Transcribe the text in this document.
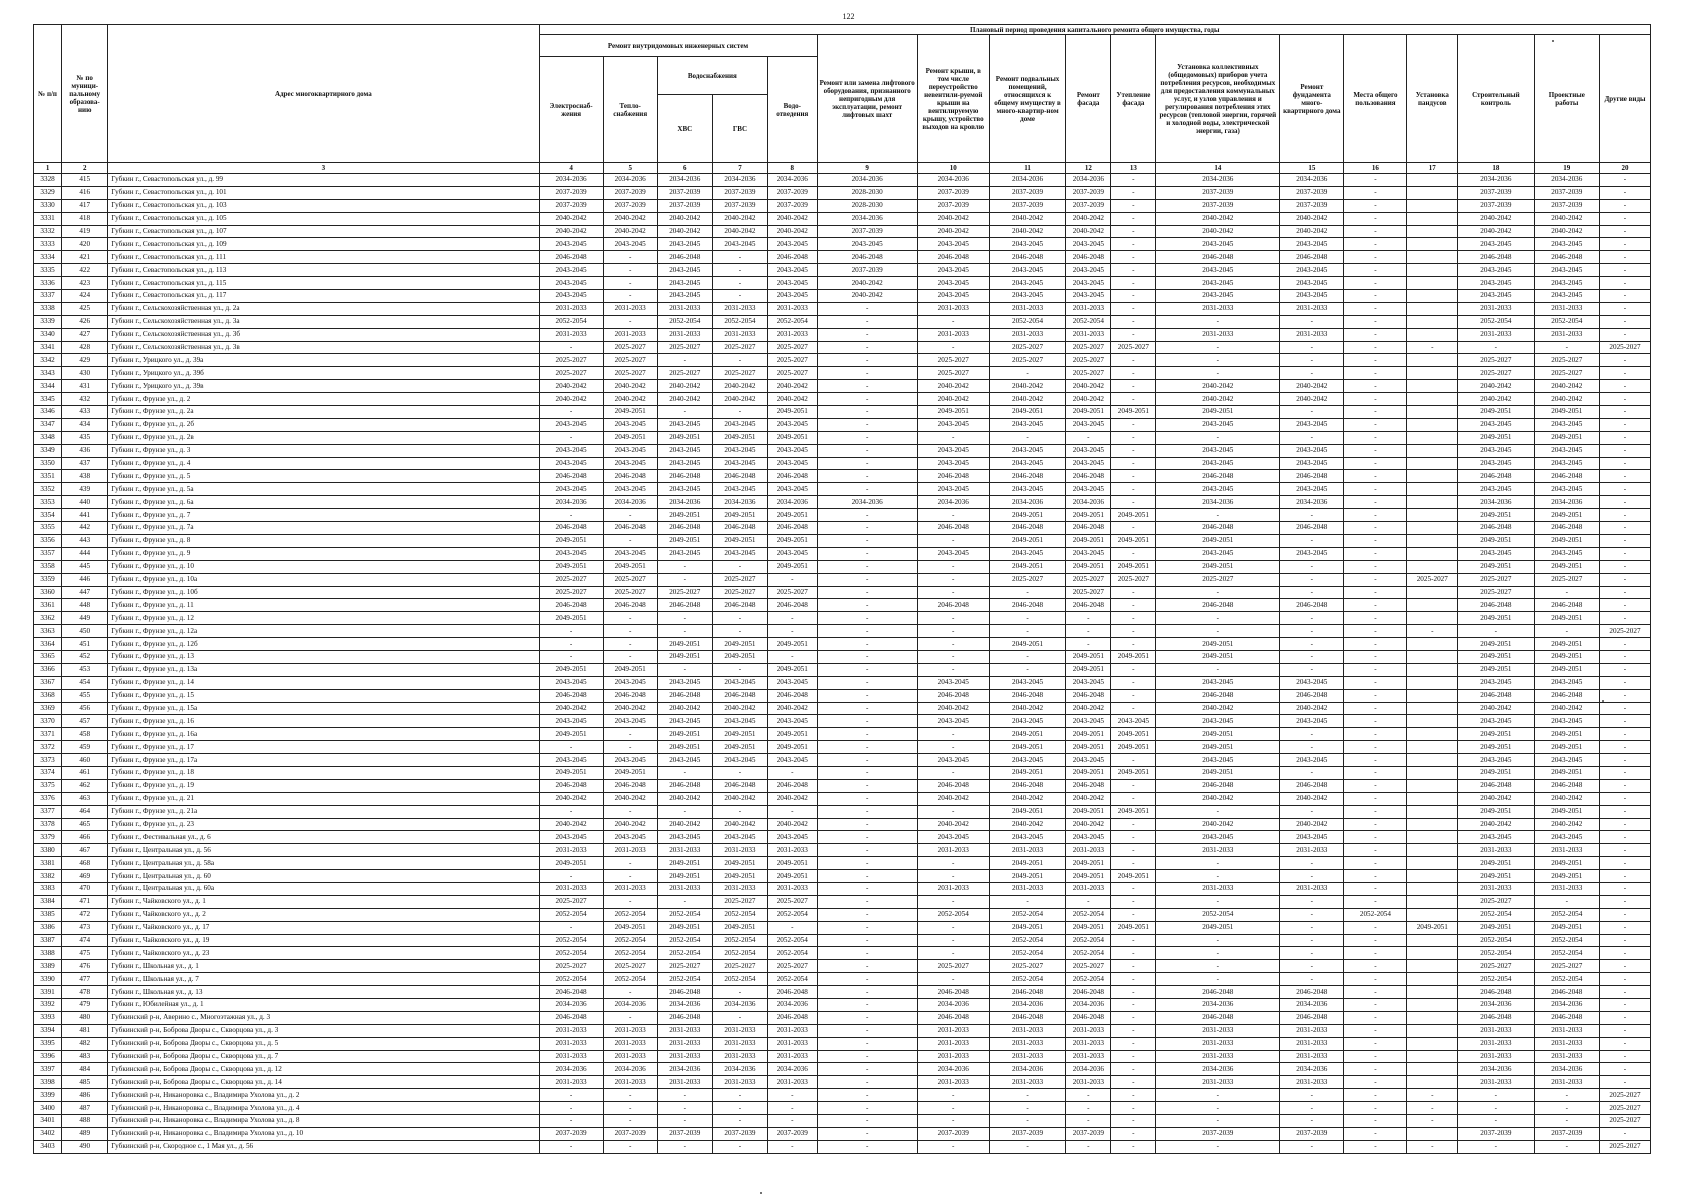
122
№ п/п	№ по муници-пальному образова-нию	Адрес многоквартирного дома	Плановый период проведения капитального ремонта общего имущества, годы																
			Ремонт внутридомовых инженерных систем					Ремонт или замена лифтового оборудования, признанного непригодным для эксплуатации, ремонт лифтовых шахт	Ремонт крыши, в том числе переустройство невентили-руемой крыши на вентилируемую крышу, устройство выходов на кровлю	Ремонт подвальных помещений, относящихся к общему имуществу в много-квартир-ном доме	Ремонт фасада	Утепление фасада	Установка коллективных (общедомовых) приборов учета потребления ресурсов, необходимых для предоставления коммунальных услуг, и узлов управления и регулирования потребления этих ресурсов (тепловой энергии, горячей и холодной воды, электрической энергии, газа)	Ремонт фундамента много-квартирного дома	Места общего пользования	Установка пандусов	Строительный контроль	Проектные работы	Другие виды
			Электроснаб-жения	Тепло-снабжения	Водоснабжения		Водо-отведения												
					ХВС	ГВС													
1	2	3	4	5	6	7	8	9	10	11	12	13	14	15	16	17	18	19	20
3328	415	Губкин г., Севастопольская ул., д. 99	2034-2036	2034-2036	2034-2036	2034-2036	2034-2036	2034-2036	2034-2036	2034-2036	2034-2036	-	2034-2036	2034-2036	-		2034-2036	2034-2036	-
3329	416	Губкин г., Севастопольская ул., д. 101	2037-2039	2037-2039	2037-2039	2037-2039	2037-2039	2028-2030	2037-2039	2037-2039	2037-2039	-	2037-2039	2037-2039	-		2037-2039	2037-2039	-
3330	417	Губкин г., Севастопольская ул., д. 103	2037-2039	2037-2039	2037-2039	2037-2039	2037-2039	2028-2030	2037-2039	2037-2039	2037-2039	-	2037-2039	2037-2039	-		2037-2039	2037-2039	-
3331	418	Губкин г., Севастопольская ул., д. 105	2040-2042	2040-2042	2040-2042	2040-2042	2040-2042	2034-2036	2040-2042	2040-2042	2040-2042	-	2040-2042	2040-2042	-		2040-2042	2040-2042	-
3332	419	Губкин г., Севастопольская ул., д. 107	2040-2042	2040-2042	2040-2042	2040-2042	2040-2042	2037-2039	2040-2042	2040-2042	2040-2042	-	2040-2042	2040-2042	-		2040-2042	2040-2042	-
3333	420	Губкин г., Севастопольская ул., д. 109	2043-2045	2043-2045	2043-2045	2043-2045	2043-2045	2043-2045	2043-2045	2043-2045	2043-2045	-	2043-2045	2043-2045	-		2043-2045	2043-2045	-
3334	421	Губкин г., Севастопольская ул., д. 111	2046-2048	-	2046-2048	-	2046-2048	2046-2048	2046-2048	2046-2048	2046-2048	-	2046-2048	2046-2048	-		2046-2048	2046-2048	-
3335	422	Губкин г., Севастопольская ул., д. 113	2043-2045	-	2043-2045	-	2043-2045	2037-2039	2043-2045	2043-2045	2043-2045	-	2043-2045	2043-2045	-		2043-2045	2043-2045	-
3336	423	Губкин г., Севастопольская ул., д. 115	2043-2045	-	2043-2045	-	2043-2045	2040-2042	2043-2045	2043-2045	2043-2045	-	2043-2045	2043-2045	-		2043-2045	2043-2045	-
3337	424	Губкин г., Севастопольская ул., д. 117	2043-2045	-	2043-2045	-	2043-2045	2040-2042	2043-2045	2043-2045	2043-2045	-	2043-2045	2043-2045	-		2043-2045	2043-2045	-
3338	425	Губкин г., Сельскохозяйственная ул., д. 2а	2031-2033	2031-2033	2031-2033	2031-2033	2031-2033	-	2031-2033	2031-2033	2031-2033	-	2031-2033	2031-2033	-		2031-2033	2031-2033	-
3339	426	Губкин г., Сельскохозяйственная ул., д. 3а	2052-2054	-	2052-2054	2052-2054	2052-2054	-	-	2052-2054	2052-2054	-	-	-	-		2052-2054	2052-2054	-
3340	427	Губкин г., Сельскохозяйственная ул., д. 3б	2031-2033	2031-2033	2031-2033	2031-2033	2031-2033	-	2031-2033	2031-2033	2031-2033	-	2031-2033	2031-2033	-		2031-2033	2031-2033	-
3341	428	Губкин г., Сельскохозяйственная ул., д. 3в	-	2025-2027	2025-2027	2025-2027	2025-2027	-	-	2025-2027	2025-2027	2025-2027	-	-	-	-	-	-	2025-2027
3342	429	Губкин г., Урицкого ул., д. 39а	2025-2027	2025-2027	-	-	2025-2027	-	2025-2027	2025-2027	2025-2027	-	-	-	-		2025-2027	2025-2027	-
3343	430	Губкин г., Урицкого ул., д. 39б	2025-2027	2025-2027	2025-2027	2025-2027	2025-2027	-	2025-2027	-	2025-2027	-	-	-	-		2025-2027	2025-2027	-
3344	431	Губкин г., Урицкого ул., д. 39в	2040-2042	2040-2042	2040-2042	2040-2042	2040-2042	-	2040-2042	2040-2042	2040-2042	-	2040-2042	2040-2042	-		2040-2042	2040-2042	-
3345	432	Губкин г., Фрунзе ул., д. 2	2040-2042	2040-2042	2040-2042	2040-2042	2040-2042	-	2040-2042	2040-2042	2040-2042	-	2040-2042	2040-2042	-		2040-2042	2040-2042	-
3346	433	Губкин г., Фрунзе ул., д. 2а	-	2049-2051	-	-	2049-2051	-	2049-2051	2049-2051	2049-2051	2049-2051	2049-2051	-	-		2049-2051	2049-2051	-
3347	434	Губкин г., Фрунзе ул., д. 2б	2043-2045	2043-2045	2043-2045	2043-2045	2043-2045	-	2043-2045	2043-2045	2043-2045	-	2043-2045	2043-2045	-		2043-2045	2043-2045	-
3348	435	Губкин г., Фрунзе ул., д. 2в	-	2049-2051	2049-2051	2049-2051	2049-2051	-	-	-	-	-	-	-	-		2049-2051	2049-2051	-
3349	436	Губкин г., Фрунзе ул., д. 3	2043-2045	2043-2045	2043-2045	2043-2045	2043-2045	-	2043-2045	2043-2045	2043-2045	-	2043-2045	2043-2045	-		2043-2045	2043-2045	-
3350	437	Губкин г., Фрунзе ул., д. 4	2043-2045	2043-2045	2043-2045	2043-2045	2043-2045	-	2043-2045	2043-2045	2043-2045	-	2043-2045	2043-2045	-		2043-2045	2043-2045	-
3351	438	Губкин г., Фрунзе ул., д. 5	2046-2048	2046-2048	2046-2048	2046-2048	2046-2048	-	2046-2048	2046-2048	2046-2048	-	2046-2048	2046-2048	-		2046-2048	2046-2048	-
3352	439	Губкин г., Фрунзе ул., д. 5а	2043-2045	2043-2045	2043-2045	2043-2045	2043-2045	-	2043-2045	2043-2045	2043-2045	-	2043-2045	2043-2045	-		2043-2045	2043-2045	-
3353	440	Губкин г., Фрунзе ул., д. 6а	2034-2036	2034-2036	2034-2036	2034-2036	2034-2036	2034-2036	2034-2036	2034-2036	2034-2036	-	2034-2036	2034-2036	-		2034-2036	2034-2036	-
3354	441	Губкин г., Фрунзе ул., д. 7	-	-	2049-2051	2049-2051	2049-2051	-	-	2049-2051	2049-2051	2049-2051	-	-	-		2049-2051	2049-2051	-
3355	442	Губкин г., Фрунзе ул., д. 7а	2046-2048	2046-2048	2046-2048	2046-2048	2046-2048	-	2046-2048	2046-2048	2046-2048	-	2046-2048	2046-2048	-		2046-2048	2046-2048	-
3356	443	Губкин г., Фрунзе ул., д. 8	2049-2051	-	2049-2051	2049-2051	2049-2051	-	-	2049-2051	2049-2051	2049-2051	2049-2051	-	-		2049-2051	2049-2051	-
3357	444	Губкин г., Фрунзе ул., д. 9	2043-2045	2043-2045	2043-2045	2043-2045	2043-2045	-	2043-2045	2043-2045	2043-2045	-	2043-2045	2043-2045	-		2043-2045	2043-2045	-
3358	445	Губкин г., Фрунзе ул., д. 10	2049-2051	2049-2051	-	-	2049-2051	-	-	2049-2051	2049-2051	2049-2051	2049-2051	-	-		2049-2051	2049-2051	-
3359	446	Губкин г., Фрунзе ул., д. 10а	2025-2027	2025-2027	-	2025-2027	-	-	-	2025-2027	2025-2027	2025-2027	2025-2027	-	-	2025-2027	2025-2027	2025-2027	-
3360	447	Губкин г., Фрунзе ул., д. 10б	2025-2027	2025-2027	2025-2027	2025-2027	2025-2027	-	-	-	2025-2027	-	-	-	-		2025-2027	-	-
3361	448	Губкин г., Фрунзе ул., д. 11	2046-2048	2046-2048	2046-2048	2046-2048	2046-2048	-	2046-2048	2046-2048	2046-2048	-	2046-2048	2046-2048	-		2046-2048	2046-2048	-
3362	449	Губкин г., Фрунзе ул., д. 12	2049-2051	-	-	-	-	-	-	-	-	-	-	-	-		2049-2051	2049-2051	-
3363	450	Губкин г., Фрунзе ул., д. 12а	-	-	-	-	-	-	-	-	-	-	-	-	-	-	-	-	2025-2027
3364	451	Губкин г., Фрунзе ул., д. 12б	-	-	2049-2051	2049-2051	2049-2051	-	-	2049-2051	-	-	2049-2051	-	-		2049-2051	2049-2051	-
3365	452	Губкин г., Фрунзе ул., д. 13	-	-	2049-2051	2049-2051	-	-	-	-	2049-2051	2049-2051	2049-2051	-	-		2049-2051	2049-2051	-
3366	453	Губкин г., Фрунзе ул., д. 13а	2049-2051	2049-2051	-	-	2049-2051	-	-	-	2049-2051	-	-	-	-		2049-2051	2049-2051	-
3367	454	Губкин г., Фрунзе ул., д. 14	2043-2045	2043-2045	2043-2045	2043-2045	2043-2045	-	2043-2045	2043-2045	2043-2045	-	2043-2045	2043-2045	-		2043-2045	2043-2045	-
3368	455	Губкин г., Фрунзе ул., д. 15	2046-2048	2046-2048	2046-2048	2046-2048	2046-2048	-	2046-2048	2046-2048	2046-2048	-	2046-2048	2046-2048	-		2046-2048	2046-2048	-
3369	456	Губкин г., Фрунзе ул., д. 15а	2040-2042	2040-2042	2040-2042	2040-2042	2040-2042	-	2040-2042	2040-2042	2040-2042	-	2040-2042	2040-2042	-		2040-2042	2040-2042	-
3370	457	Губкин г., Фрунзе ул., д. 16	2043-2045	2043-2045	2043-2045	2043-2045	2043-2045	-	2043-2045	2043-2045	2043-2045	2043-2045	2043-2045	2043-2045	-		2043-2045	2043-2045	-
3371	458	Губкин г., Фрунзе ул., д. 16а	2049-2051	-	2049-2051	2049-2051	2049-2051	-	-	2049-2051	2049-2051	2049-2051	2049-2051	-	-		2049-2051	2049-2051	-
3372	459	Губкин г., Фрунзе ул., д. 17	-	-	2049-2051	2049-2051	2049-2051	-	-	2049-2051	2049-2051	2049-2051	2049-2051	-	-		2049-2051	2049-2051	-
3373	460	Губкин г., Фрунзе ул., д. 17а	2043-2045	2043-2045	2043-2045	2043-2045	2043-2045	-	2043-2045	2043-2045	2043-2045	-	2043-2045	2043-2045	-		2043-2045	2043-2045	-
3374	461	Губкин г., Фрунзе ул., д. 18	2049-2051	2049-2051	-	-	-	-	-	2049-2051	2049-2051	2049-2051	2049-2051	-	-		2049-2051	2049-2051	-
3375	462	Губкин г., Фрунзе ул., д. 19	2046-2048	2046-2048	2046-2048	2046-2048	2046-2048	-	2046-2048	2046-2048	2046-2048	-	2046-2048	2046-2048	-		2046-2048	2046-2048	-
3376	463	Губкин г., Фрунзе ул., д. 21	2040-2042	2040-2042	2040-2042	2040-2042	2040-2042	-	2040-2042	2040-2042	2040-2042	-	2040-2042	2040-2042	-		2040-2042	2040-2042	-
3377	464	Губкин г., Фрунзе ул., д. 21а	-	-	-	-	-	-	-	2049-2051	2049-2051	2049-2051	-	-	-		2049-2051	2049-2051	-
3378	465	Губкин г., Фрунзе ул., д. 23	2040-2042	2040-2042	2040-2042	2040-2042	2040-2042	-	2040-2042	2040-2042	2040-2042	-	2040-2042	2040-2042	-		2040-2042	2040-2042	-
3379	466	Губкин г., Фестивальная ул., д. 6	2043-2045	2043-2045	2043-2045	2043-2045	2043-2045	-	2043-2045	2043-2045	2043-2045	-	2043-2045	2043-2045	-		2043-2045	2043-2045	-
3380	467	Губкин г., Центральная ул., д. 56	2031-2033	2031-2033	2031-2033	2031-2033	2031-2033	-	2031-2033	2031-2033	2031-2033	-	2031-2033	2031-2033	-		2031-2033	2031-2033	-
3381	468	Губкин г., Центральная ул., д. 58а	2049-2051	-	2049-2051	2049-2051	2049-2051	-	-	2049-2051	2049-2051	-	-	-	-		2049-2051	2049-2051	-
3382	469	Губкин г., Центральная ул., д. 60	-	-	2049-2051	2049-2051	2049-2051	-	-	2049-2051	2049-2051	2049-2051	-	-	-		2049-2051	2049-2051	-
3383	470	Губкин г., Центральная ул., д. 60а	2031-2033	2031-2033	2031-2033	2031-2033	2031-2033	-	2031-2033	2031-2033	2031-2033	-	2031-2033	2031-2033	-		2031-2033	2031-2033	-
3384	471	Губкин г., Чайковского ул., д. 1	2025-2027	-	-	2025-2027	2025-2027	-	-	-	-	-	-	-	-		2025-2027	-	-
3385	472	Губкин г., Чайковского ул., д. 2	2052-2054	2052-2054	2052-2054	2052-2054	2052-2054	-	2052-2054	2052-2054	2052-2054	-	2052-2054	-	2052-2054		2052-2054	2052-2054	-
3386	473	Губкин г., Чайковского ул., д. 17	-	2049-2051	2049-2051	2049-2051	-	-	-	2049-2051	2049-2051	2049-2051	2049-2051	-	-	2049-2051	2049-2051	2049-2051	-
3387	474	Губкин г., Чайковского ул., д. 19	2052-2054	2052-2054	2052-2054	2052-2054	2052-2054	-	-	2052-2054	2052-2054	-	-	-	-		2052-2054	2052-2054	-
3388	475	Губкин г., Чайковского ул., д. 23	2052-2054	2052-2054	2052-2054	2052-2054	2052-2054	-	-	2052-2054	2052-2054	-	-	-	-		2052-2054	2052-2054	-
3389	476	Губкин г., Школьная ул., д. 1	2025-2027	2025-2027	2025-2027	2025-2027	2025-2027	-	2025-2027	2025-2027	2025-2027	-	-	-	-		2025-2027	2025-2027	-
3390	477	Губкин г., Школьная ул., д. 7	2052-2054	2052-2054	2052-2054	2052-2054	2052-2054	-	-	2052-2054	2052-2054	-	-	-	-		2052-2054	2052-2054	-
3391	478	Губкин г., Школьная ул., д. 13	2046-2048	-	2046-2048	-	2046-2048	-	2046-2048	2046-2048	2046-2048	-	2046-2048	2046-2048	-		2046-2048	2046-2048	-
3392	479	Губкин г., Юбилейная ул., д. 1	2034-2036	2034-2036	2034-2036	2034-2036	2034-2036	-	2034-2036	2034-2036	2034-2036	-	2034-2036	2034-2036	-		2034-2036	2034-2036	-
3393	480	Губкинский р-н, Аверино с., Многоэтажная ул., д. 3	2046-2048	-	2046-2048	-	2046-2048	-	2046-2048	2046-2048	2046-2048	-	2046-2048	2046-2048	-		2046-2048	2046-2048	-
3394	481	Губкинский р-н, Боброва Дворы с., Скворцова ул., д. 3	2031-2033	2031-2033	2031-2033	2031-2033	2031-2033	-	2031-2033	2031-2033	2031-2033	-	2031-2033	2031-2033	-		2031-2033	2031-2033	-
3395	482	Губкинский р-н, Боброва Дворы с., Скворцова ул., д. 5	2031-2033	2031-2033	2031-2033	2031-2033	2031-2033	-	2031-2033	2031-2033	2031-2033	-	2031-2033	2031-2033	-		2031-2033	2031-2033	-
3396	483	Губкинский р-н, Боброва Дворы с., Скворцова ул., д. 7	2031-2033	2031-2033	2031-2033	2031-2033	2031-2033	-	2031-2033	2031-2033	2031-2033	-	2031-2033	2031-2033	-		2031-2033	2031-2033	-
3397	484	Губкинский р-н, Боброва Дворы с., Скворцова ул., д. 12	2034-2036	2034-2036	2034-2036	2034-2036	2034-2036	-	2034-2036	2034-2036	2034-2036	-	2034-2036	2034-2036	-		2034-2036	2034-2036	-
3398	485	Губкинский р-н, Боброва Дворы с., Скворцова ул., д. 14	2031-2033	2031-2033	2031-2033	2031-2033	2031-2033	-	2031-2033	2031-2033	2031-2033	-	2031-2033	2031-2033	-		2031-2033	2031-2033	-
3399	486	Губкинский р-н, Никаноровка с., Владимира Ухолова ул., д. 2	-	-	-	-	-	-	-	-	-	-	-	-	-	-	-	-	2025-2027
3400	487	Губкинский р-н, Никаноровка с., Владимира Ухолова ул., д. 4	-	-	-	-	-	-	-	-	-	-	-	-	-	-	-	-	2025-2027
3401	488	Губкинский р-н, Никаноровка с., Владимира Ухолова ул., д. 8	-	-	-	-	-	-	-	-	-	-	-	-	-	-	-	-	2025-2027
3402	489	Губкинский р-н, Никаноровка с., Владимира Ухолова ул., д. 10	2037-2039	2037-2039	2037-2039	2037-2039	2037-2039	-	2037-2039	2037-2039	2037-2039	-	2037-2039	2037-2039	-		2037-2039	2037-2039	-
3403	490	Губкинский р-н, Скородное с., 1 Мая ул., д. 56	-	-	-	-	-	-	-	-	-	-	-	-	-	-	-	-	2025-2027
